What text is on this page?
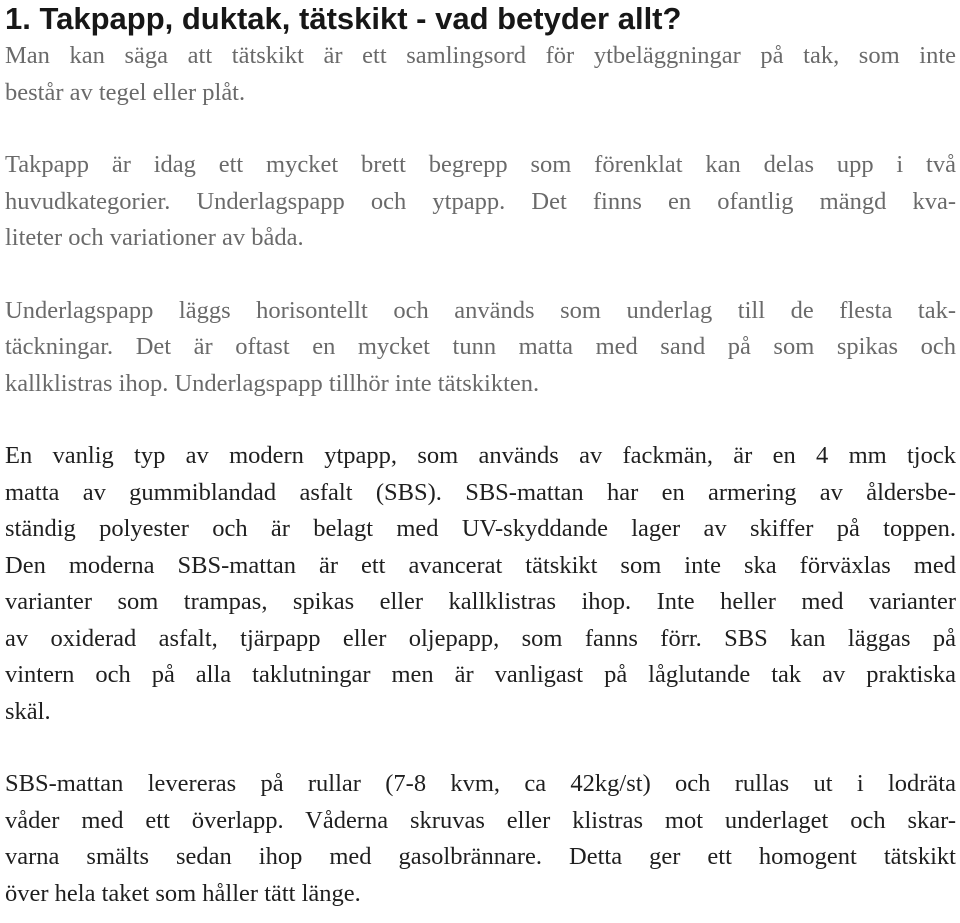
1. Takpapp, duktak, tätskikt - vad betyder allt?
Man kan säga att tätskikt är ett samlingsord för ytbeläggningar på tak, som inte
består av tegel eller plåt.
Takpapp är idag ett mycket brett begrepp som förenklat kan delas upp i två
huvudkategorier. Underlagspapp och ytpapp. Det finns en ofantlig mängd kva-
liteter och variationer av båda.
Underlagspapp läggs horisontellt och används som underlag till de flesta tak-
täckningar. Det är oftast en mycket tunn matta med sand på som spikas och
kallklistras ihop. Underlagspapp tillhör inte tätskikten.
En vanlig typ av modern ytpapp, som används av fackmän, är en 4 mm tjock
matta av gummiblandad asfalt (SBS). SBS-mattan har en armering av åldersbe-
ständig polyester och är belagt med UV-skyddande lager av skiffer på toppen.
Den moderna SBS-mattan är ett avancerat tätskikt som inte ska förväxlas med
varianter som trampas, spikas eller kallklistras ihop. Inte heller med varianter
av oxiderad asfalt, tjärpapp eller oljepapp, som fanns förr. SBS kan läggas på
vintern och på alla taklutningar men är vanligast på låglutande tak av praktiska
skäl.
SBS-mattan levereras på rullar (7-8 kvm, ca 42kg/st) och rullas ut i lodräta
våder med ett överlapp. Våderna skruvas eller klistras mot underlaget och skar-
varna smälts sedan ihop med gasolbrännare. Detta ger ett homogent tätskikt
över hela taket som håller tätt länge.
